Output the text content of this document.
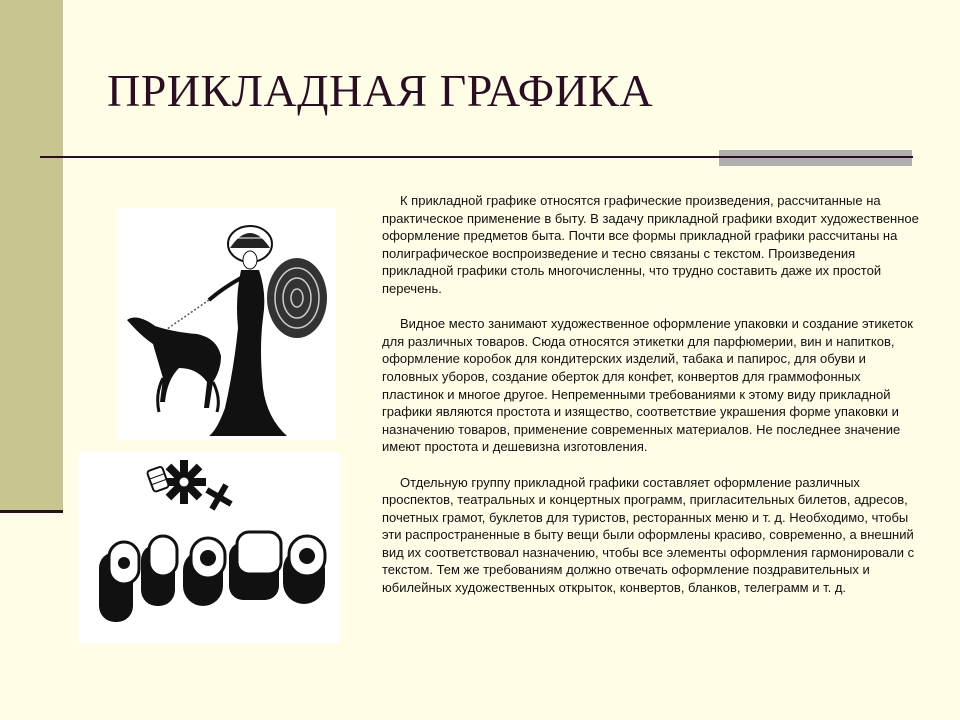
ПРИКЛАДНАЯ ГРАФИКА

К прикладной графике относятся графические произведения, рассчитанные на практическое применение в быту. В задачу прикладной графики входит художественное оформление предметов быта. Почти все формы прикладной графики рассчитаны на полиграфическое воспроизведение и тесно связаны с текстом. Произведения прикладной графики столь многочисленны, что трудно составить даже их простой перечень.

Видное место занимают художественное оформление упаковки и создание этикеток для различных товаров. Сюда относятся этикетки для парфюмерии, вин и напитков, оформление коробок для кондитерских изделий, табака и папирос, для обуви и головных уборов, создание оберток для конфет, конвертов для граммофонных пластинок и многое другое. Непременными требованиями к этому виду прикладной графики являются простота и изящество, соответствие украшения форме упаковки и назначению товаров, применение современных материалов. Не последнее значение имеют простота и дешевизна изготовления.

Отдельную группу прикладной графики составляет оформление различных проспектов, театральных и концертных программ, пригласительных билетов, адресов, почетных грамот, буклетов для туристов, ресторанных меню и т. д. Необходимо, чтобы эти распространенные в быту вещи были оформлены красиво, современно, а внешний вид их соответствовал назначению, чтобы все элементы оформления гармонировали с текстом. Тем же требованиям должно отвечать оформление поздравительных и юбилейных художественных открыток, конвертов, бланков, телеграмм и т. д.
